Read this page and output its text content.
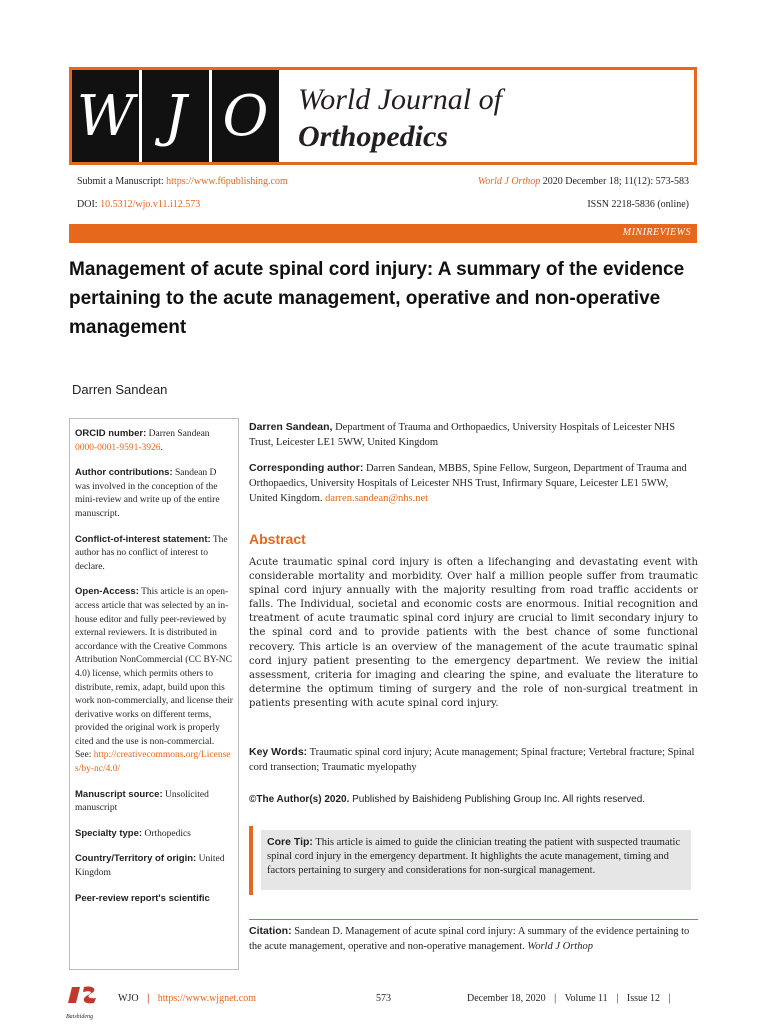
W J O World Journal of
Orthopedics
Submit a Manuscript: https://www.f6publishing.com	World J Orthop 2020 December 18; 11(12): 573-583
DOI: 10.5312/wjo.v11.i12.573	ISSN 2218-5836 (online)
MINIREVIEWS
Management of acute spinal cord injury: A summary of the evidence pertaining to the acute management, operative and non-operative management
Darren Sandean

ORCID number: Darren Sandean
0000-0001-9591-3926.

Author contributions: Sandean D was involved in the conception of the mini-review and write up of the entire manuscript.

Conflict-of-interest statement: The author has no conflict of interest to declare.

Open-Access: This article is an open-access article that was selected by an in-house editor and fully peer-reviewed by external reviewers. It is distributed in accordance with the Creative Commons Attribution NonCommercial (CC BY-NC 4.0) license, which permits others to distribute, remix, adapt, build upon this work non-commercially, and license their derivative works on different terms, provided the original work is properly cited and the use is non-commercial. See: http://creativecommons.org/Licenses/by-nc/4.0/

Manuscript source: Unsolicited manuscript

Specialty type: Orthopedics

Country/Territory of origin: United Kingdom

Peer-review report's scientific

Darren Sandean, Department of Trauma and Orthopaedics, University Hospitals of Leicester NHS Trust, Leicester LE1 5WW, United Kingdom
Corresponding author: Darren Sandean, MBBS, Spine Fellow, Surgeon, Department of Trauma and Orthopaedics, University Hospitals of Leicester NHS Trust, Infirmary Square, Leicester LE1 5WW, United Kingdom. darren.sandean@nhs.net
Abstract
Acute traumatic spinal cord injury is often a lifechanging and devastating event with considerable mortality and morbidity. Over half a million people suffer from traumatic spinal cord injury annually with the majority resulting from road traffic accidents or falls. The Individual, societal and economic costs are enormous. Initial recognition and treatment of acute traumatic spinal cord injury are crucial to limit secondary injury to the spinal cord and to provide patients with the best chance of some functional recovery. This article is an overview of the management of the acute traumatic spinal cord injury patient presenting to the emergency department. We review the initial assessment, criteria for imaging and clearing the spine, and evaluate the literature to determine the optimum timing of surgery and the role of non-surgical treatment in patients presenting with acute spinal cord injury.
Key Words: Traumatic spinal cord injury; Acute management; Spinal fracture; Vertebral fracture; Spinal cord transection; Traumatic myelopathy
©The Author(s) 2020. Published by Baishideng Publishing Group Inc. All rights reserved.
Core Tip: This article is aimed to guide the clinician treating the patient with suspected traumatic spinal cord injury in the emergency department. It highlights the acute management, timing and factors pertaining to surgery and considerations for non-surgical management.
Citation: Sandean D. Management of acute spinal cord injury: A summary of the evidence pertaining to the acute management, operative and non-operative management. World J Orthop
Baishideng
WJO | https://www.wjgnet.com	573	December 18, 2020 | Volume 11 | Issue 12 |
